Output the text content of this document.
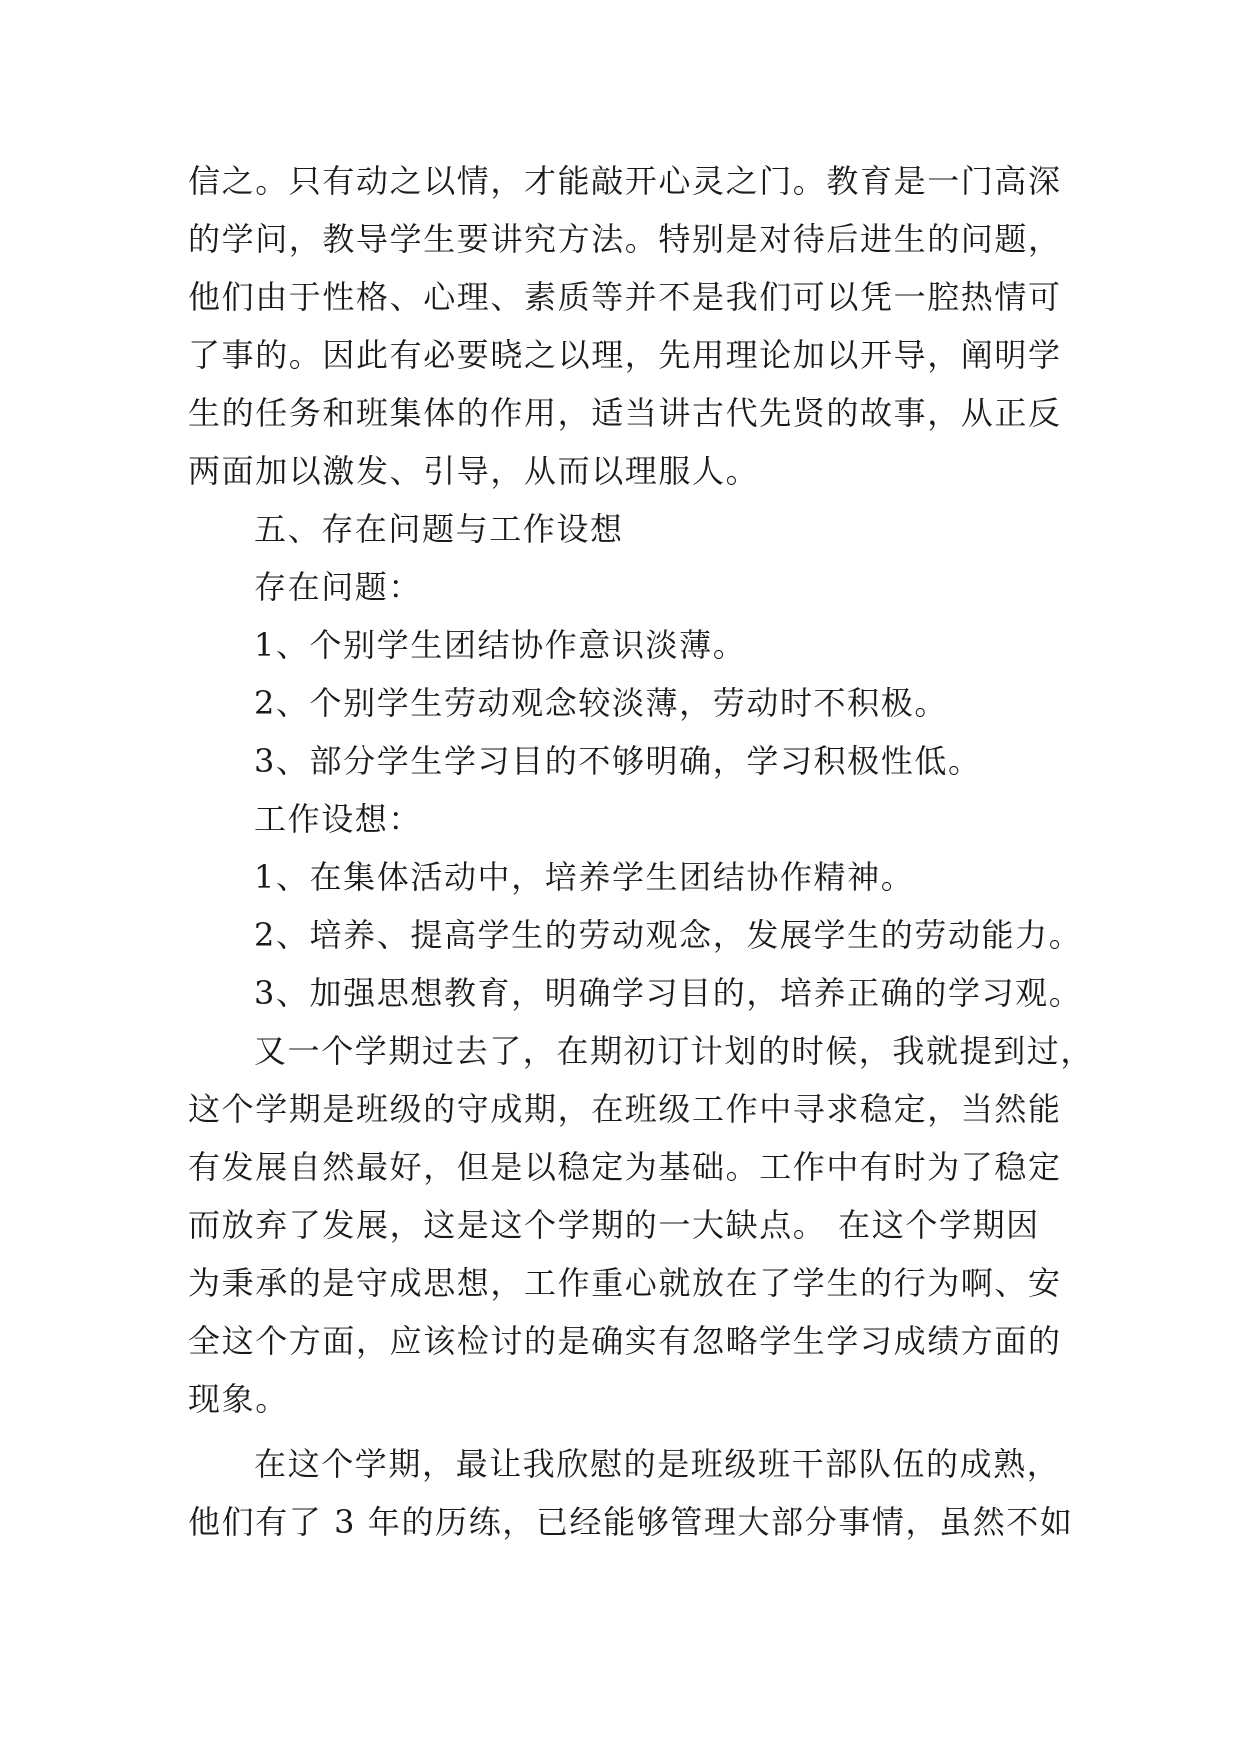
信之。只有动之以情，才能敲开心灵之门。教育是一门高深
的学问，教导学生要讲究方法。特别是对待后进生的问题，
他们由于性格、心理、素质等并不是我们可以凭一腔热情可
了事的。因此有必要晓之以理，先用理论加以开导，阐明学
生的任务和班集体的作用，适当讲古代先贤的故事，从正反
两面加以激发、引导，从而以理服人。
五、存在问题与工作设想
存在问题：
1、个别学生团结协作意识淡薄。
2、个别学生劳动观念较淡薄，劳动时不积极。
3、部分学生学习目的不够明确，学习积极性低。
工作设想：
1、在集体活动中，培养学生团结协作精神。
2、培养、提高学生的劳动观念，发展学生的劳动能力。
3、加强思想教育，明确学习目的，培养正确的学习观。
又一个学期过去了，在期初订计划的时候，我就提到过，
这个学期是班级的守成期，在班级工作中寻求稳定，当然能
有发展自然最好，但是以稳定为基础。工作中有时为了稳定
而放弃了发展，这是这个学期的一大缺点。 在这个学期因
为秉承的是守成思想，工作重心就放在了学生的行为啊、安
全这个方面，应该检讨的是确实有忽略学生学习成绩方面的
现象。
在这个学期，最让我欣慰的是班级班干部队伍的成熟，
他们有了 3 年的历练，已经能够管理大部分事情，虽然不如
